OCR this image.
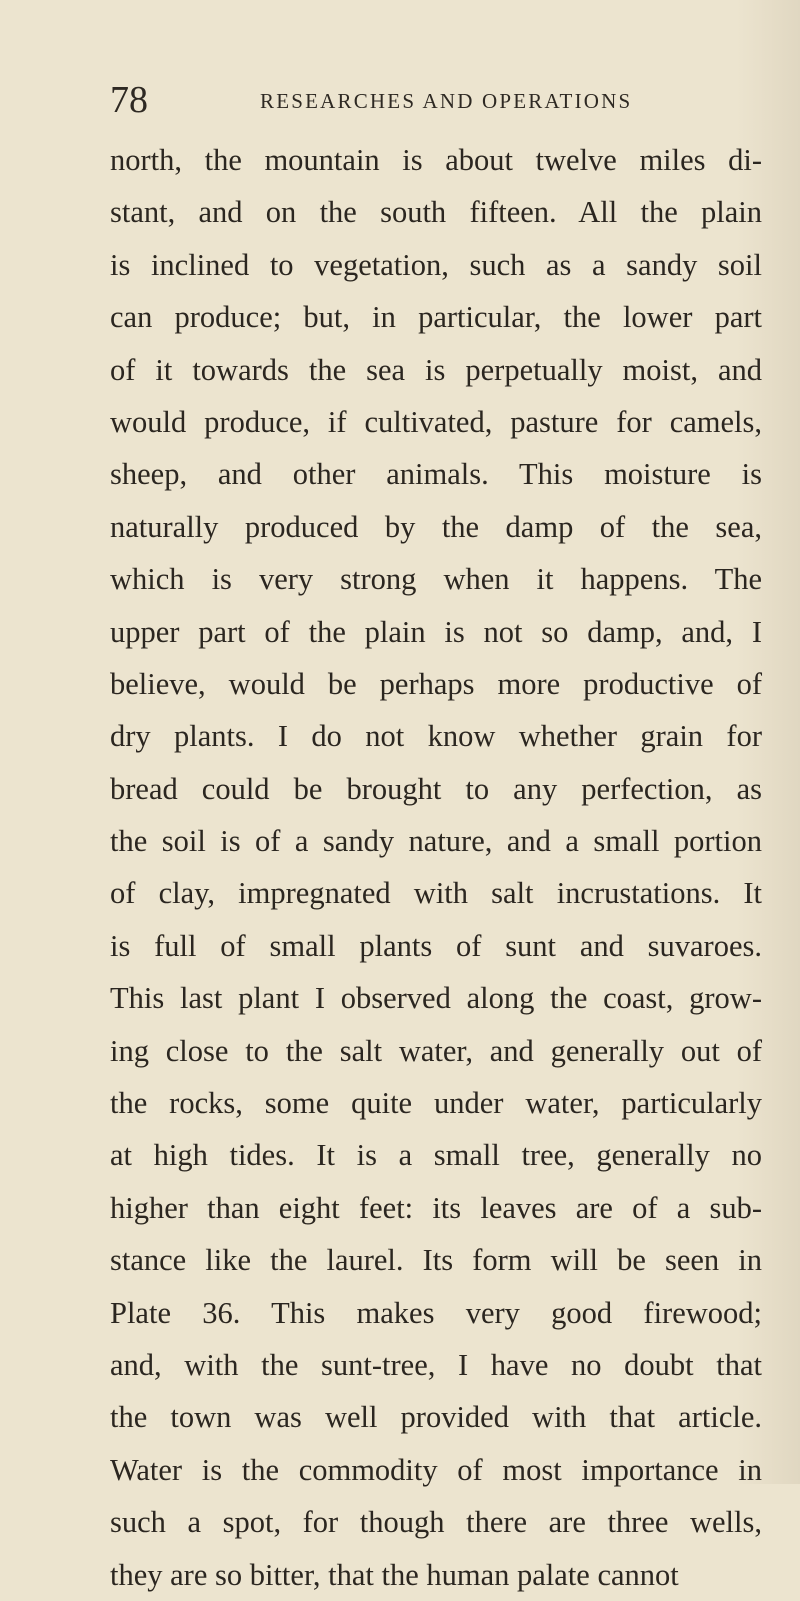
78	RESEARCHES AND OPERATIONS
north, the mountain is about twelve miles di-
stant, and on the south fifteen. All the plain
is inclined to vegetation, such as a sandy soil
can produce; but, in particular, the lower part
of it towards the sea is perpetually moist, and
would produce, if cultivated, pasture for camels,
sheep, and other animals. This moisture is
naturally produced by the damp of the sea,
which is very strong when it happens. The
upper part of the plain is not so damp, and, I
believe, would be perhaps more productive of
dry plants. I do not know whether grain for
bread could be brought to any perfection, as
the soil is of a sandy nature, and a small portion
of clay, impregnated with salt incrustations. It
is full of small plants of sunt and suvaroes.
This last plant I observed along the coast, grow-
ing close to the salt water, and generally out of
the rocks, some quite under water, particularly
at high tides. It is a small tree, generally no
higher than eight feet: its leaves are of a sub-
stance like the laurel. Its form will be seen in
Plate 36. This makes very good firewood;
and, with the sunt-tree, I have no doubt that
the town was well provided with that article.
Water is the commodity of most importance in
such a spot, for though there are three wells,
they are so bitter, that the human palate cannot
